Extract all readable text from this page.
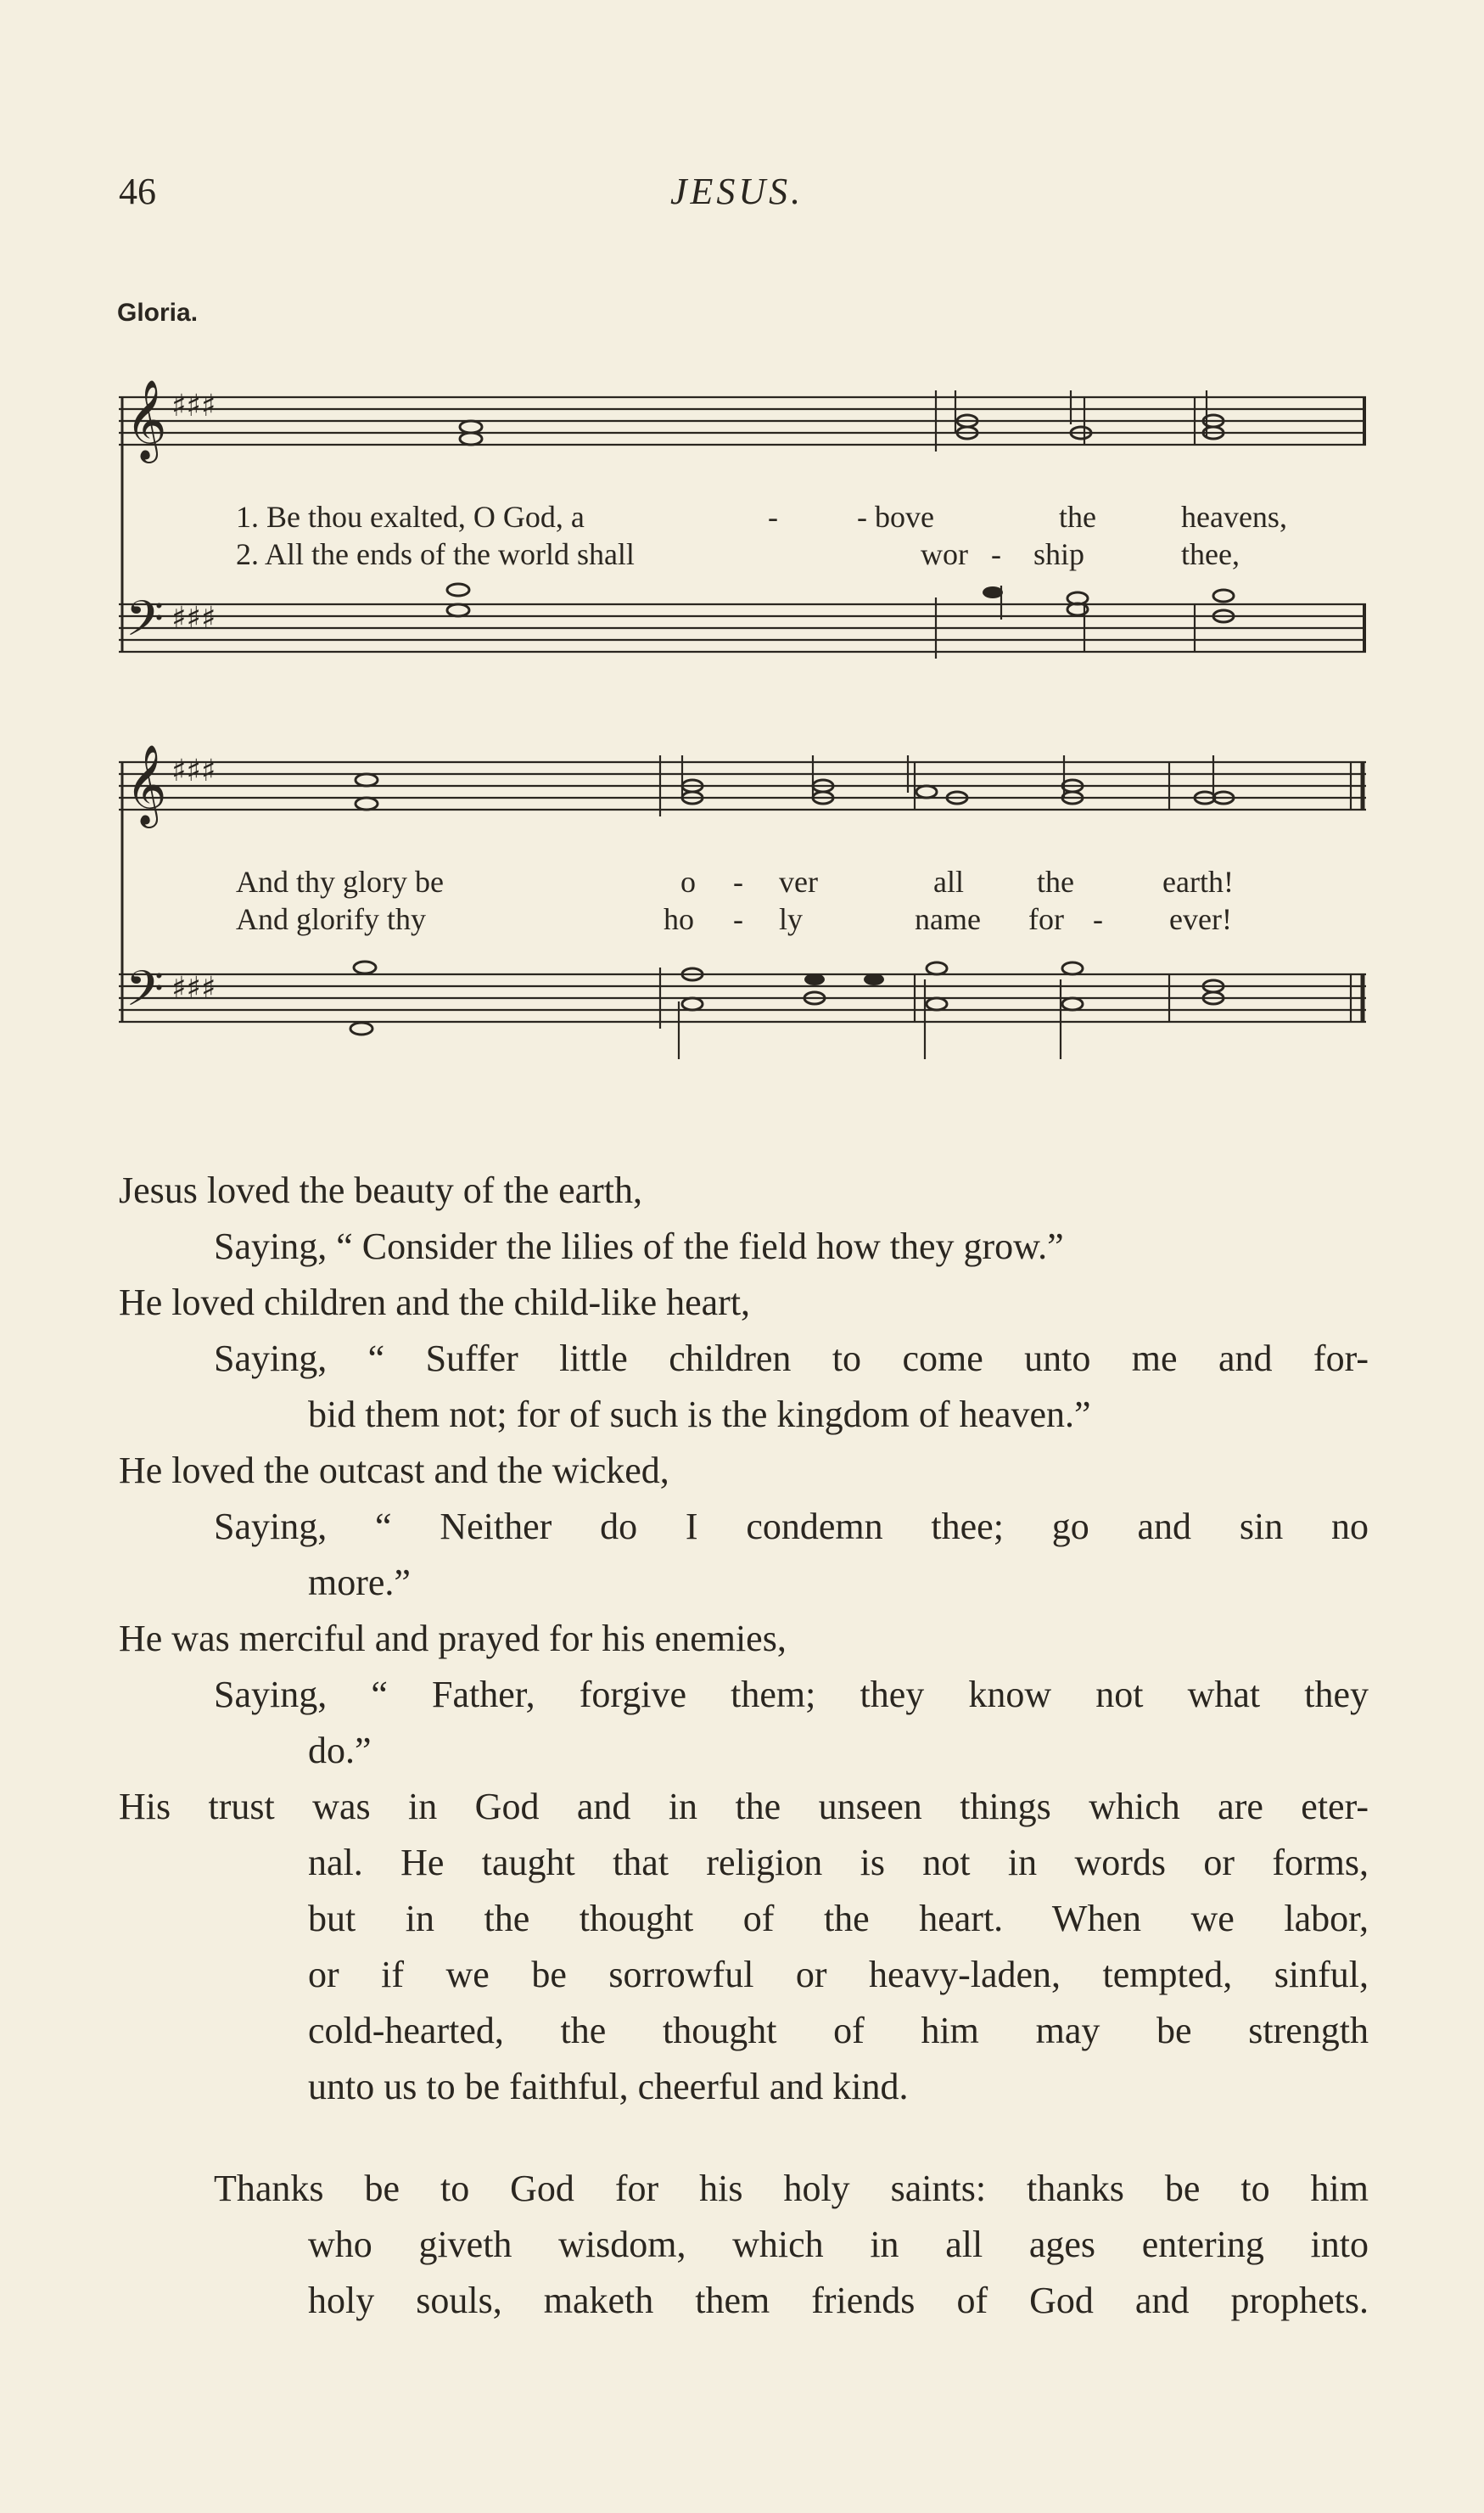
46	JESUS.
Gloria.
𝄞
𝄢
♯♯♯
♯♯♯
1. Be thou exalted, O God, a	-	- bove	the	heavens,
2. All the ends of the world shall	wor - ship	thee,
𝄞
𝄢
♯♯♯
♯♯♯
And thy glory be	o - ver	all the	earth!
And glorify thy	ho - ly	name for - ever!
Jesus loved the beauty of the earth,
Saying, “ Consider the lilies of the field how they grow.”
He loved children and the child-like heart,
Saying, “ Suffer little children to come unto me and for-
bid them not; for of such is the kingdom of heaven.”
He loved the outcast and the wicked,
Saying, “ Neither do I condemn thee; go and sin no
more.”
He was merciful and prayed for his enemies,
Saying, “ Father, forgive them; they know not what they
do.”
His trust was in God and in the unseen things which are eter-
nal. He taught that religion is not in words or forms,
but in the thought of the heart. When we labor,
or if we be sorrowful or heavy-laden, tempted, sinful,
cold-hearted, the thought of him may be strength
unto us to be faithful, cheerful and kind.
Thanks be to God for his holy saints: thanks be to him
who giveth wisdom, which in all ages entering into
holy souls, maketh them friends of God and prophets.
